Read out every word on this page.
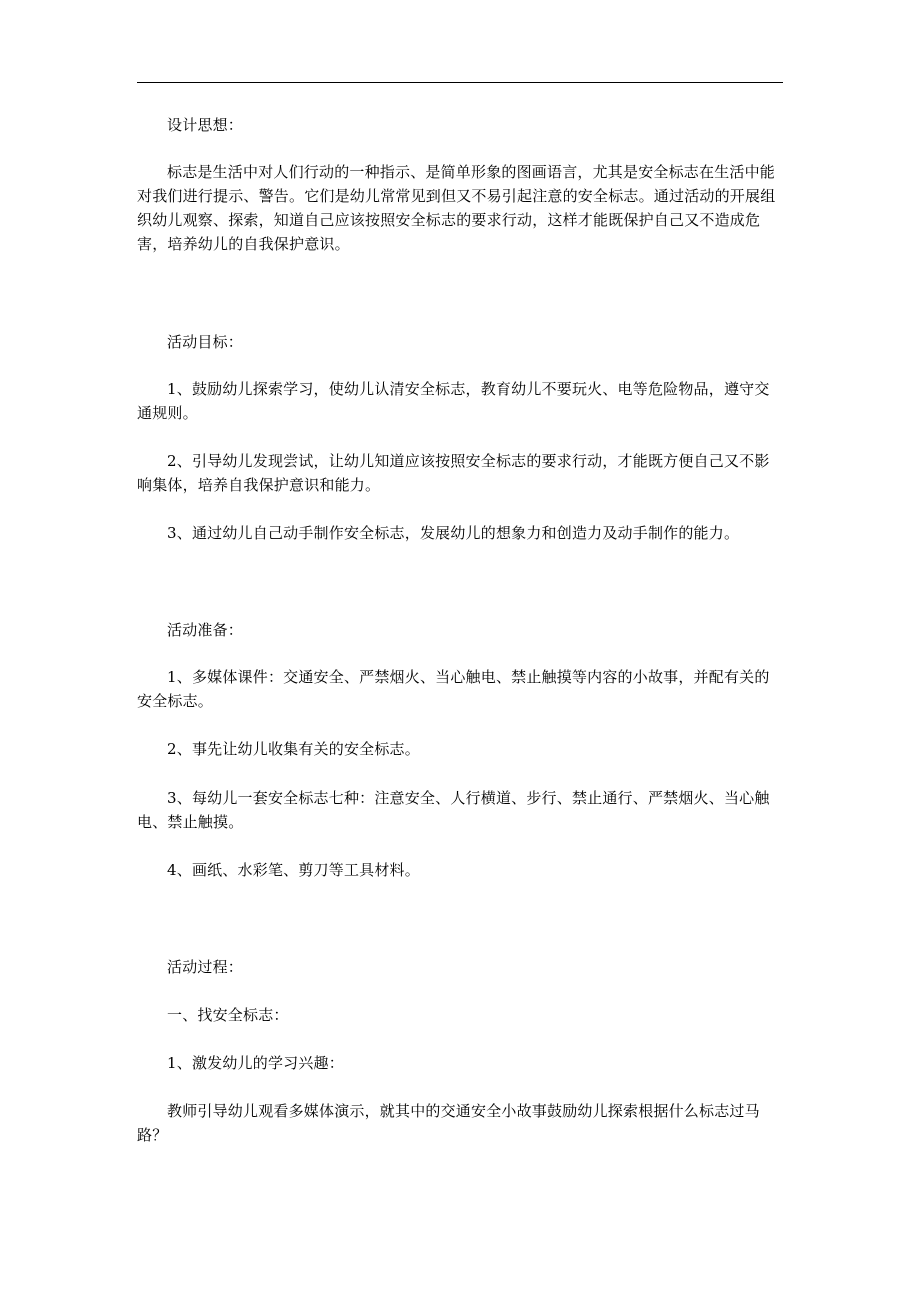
设计思想：
标志是生活中对人们行动的一种指示、是简单形象的图画语言，尤其是安全标志在生活中能对我们进行提示、警告。它们是幼儿常常见到但又不易引起注意的安全标志。通过活动的开展组织幼儿观察、探索，知道自己应该按照安全标志的要求行动，这样才能既保护自己又不造成危害，培养幼儿的自我保护意识。
活动目标：
1、鼓励幼儿探索学习，使幼儿认清安全标志，教育幼儿不要玩火、电等危险物品，遵守交通规则。
2、引导幼儿发现尝试，让幼儿知道应该按照安全标志的要求行动，才能既方便自己又不影响集体，培养自我保护意识和能力。
3、通过幼儿自己动手制作安全标志，发展幼儿的想象力和创造力及动手制作的能力。
活动准备：
1、多媒体课件：交通安全、严禁烟火、当心触电、禁止触摸等内容的小故事，并配有关的安全标志。
2、事先让幼儿收集有关的安全标志。
3、每幼儿一套安全标志七种：注意安全、人行横道、步行、禁止通行、严禁烟火、当心触电、禁止触摸。
4、画纸、水彩笔、剪刀等工具材料。
活动过程：
一、找安全标志：
1、激发幼儿的学习兴趣：
教师引导幼儿观看多媒体演示，就其中的交通安全小故事鼓励幼儿探索根据什么标志过马路？
